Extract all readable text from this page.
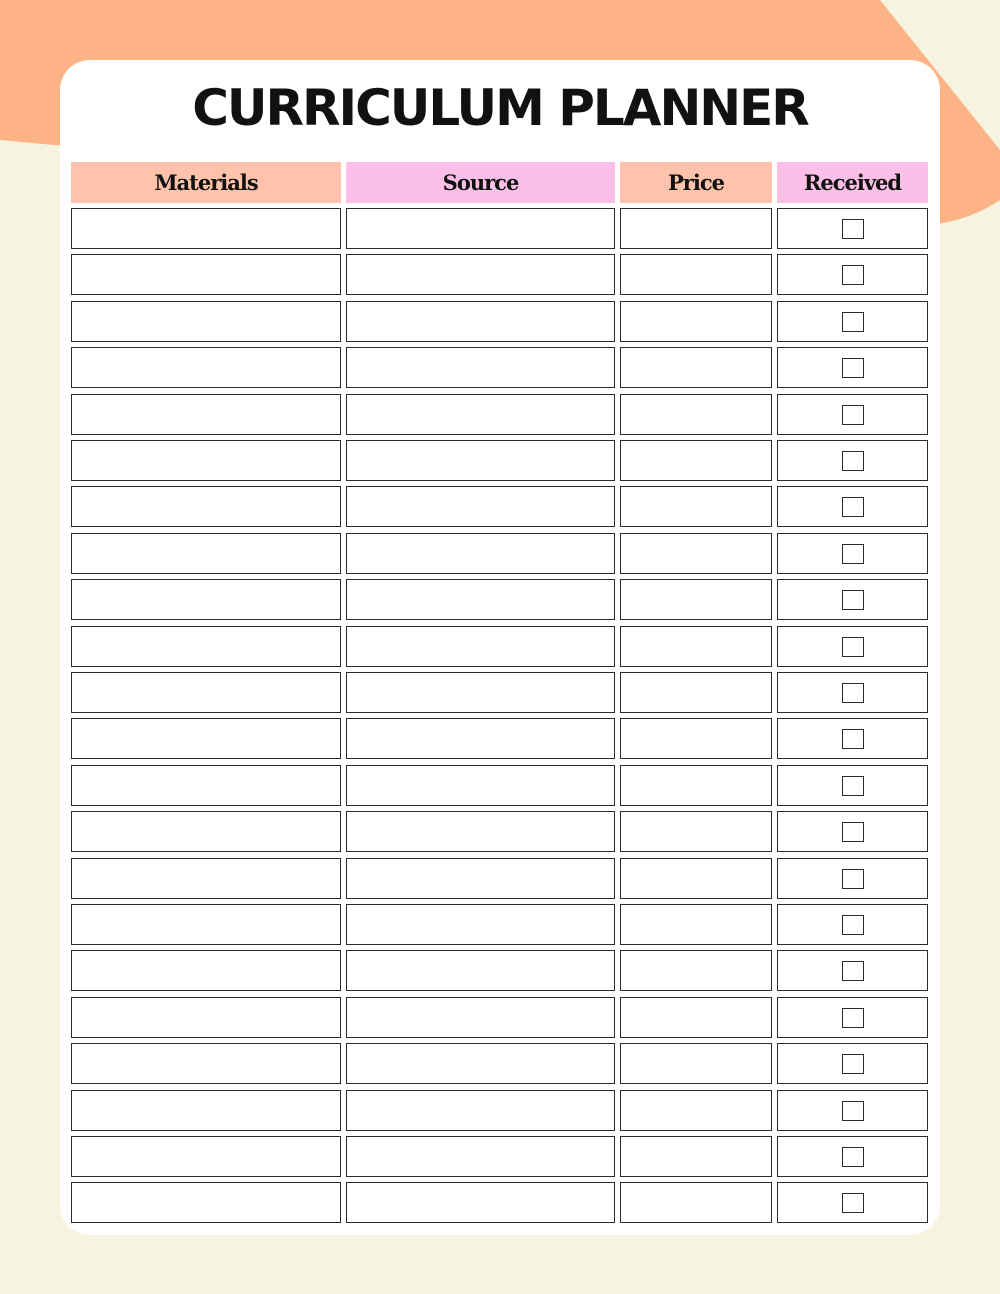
CURRICULUM PLANNER
Materials	Source	Price	Received
